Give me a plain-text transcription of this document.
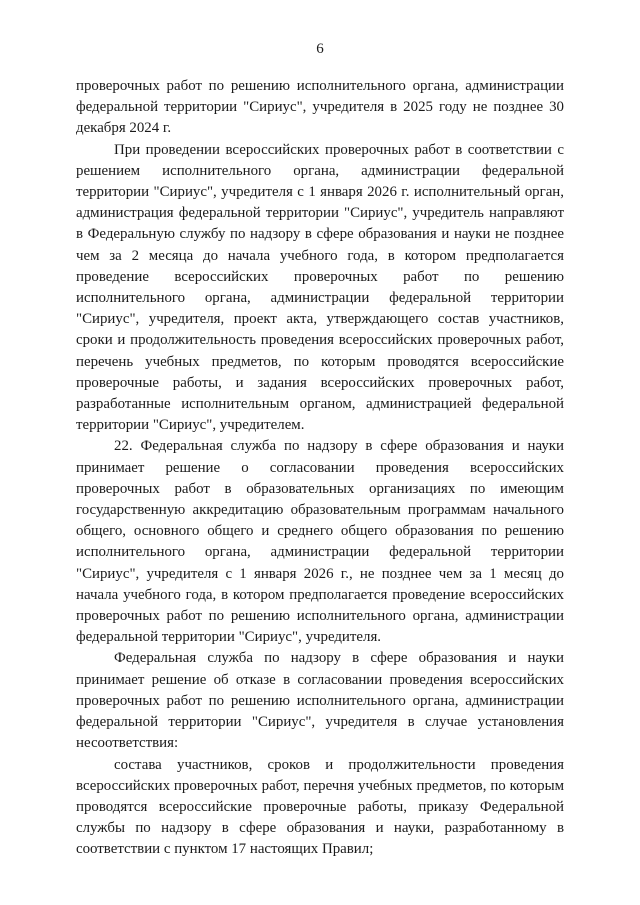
6

проверочных работ по решению исполнительного органа, администрации федеральной территории "Сириус", учредителя в 2025 году не позднее 30 декабря 2024 г.

При проведении всероссийских проверочных работ в соответствии с решением исполнительного органа, администрации федеральной территории "Сириус", учредителя с 1 января 2026 г. исполнительный орган, администрация федеральной территории "Сириус", учредитель направляют в Федеральную службу по надзору в сфере образования и науки не позднее чем за 2 месяца до начала учебного года, в котором предполагается проведение всероссийских проверочных работ по решению исполнительного органа, администрации федеральной территории "Сириус", учредителя, проект акта, утверждающего состав участников, сроки и продолжительность проведения всероссийских проверочных работ, перечень учебных предметов, по которым проводятся всероссийские проверочные работы, и задания всероссийских проверочных работ, разработанные исполнительным органом, администрацией федеральной территории "Сириус", учредителем.

22. Федеральная служба по надзору в сфере образования и науки принимает решение о согласовании проведения всероссийских проверочных работ в образовательных организациях по имеющим государственную аккредитацию образовательным программам начального общего, основного общего и среднего общего образования по решению исполнительного органа, администрации федеральной территории "Сириус", учредителя с 1 января 2026 г., не позднее чем за 1 месяц до начала учебного года, в котором предполагается проведение всероссийских проверочных работ по решению исполнительного органа, администрации федеральной территории "Сириус", учредителя.

Федеральная служба по надзору в сфере образования и науки принимает решение об отказе в согласовании проведения всероссийских проверочных работ по решению исполнительного органа, администрации федеральной территории "Сириус", учредителя в случае установления несоответствия:

состава участников, сроков и продолжительности проведения всероссийских проверочных работ, перечня учебных предметов, по которым проводятся всероссийские проверочные работы, приказу Федеральной службы по надзору в сфере образования и науки, разработанному в соответствии с пунктом 17 настоящих Правил;
